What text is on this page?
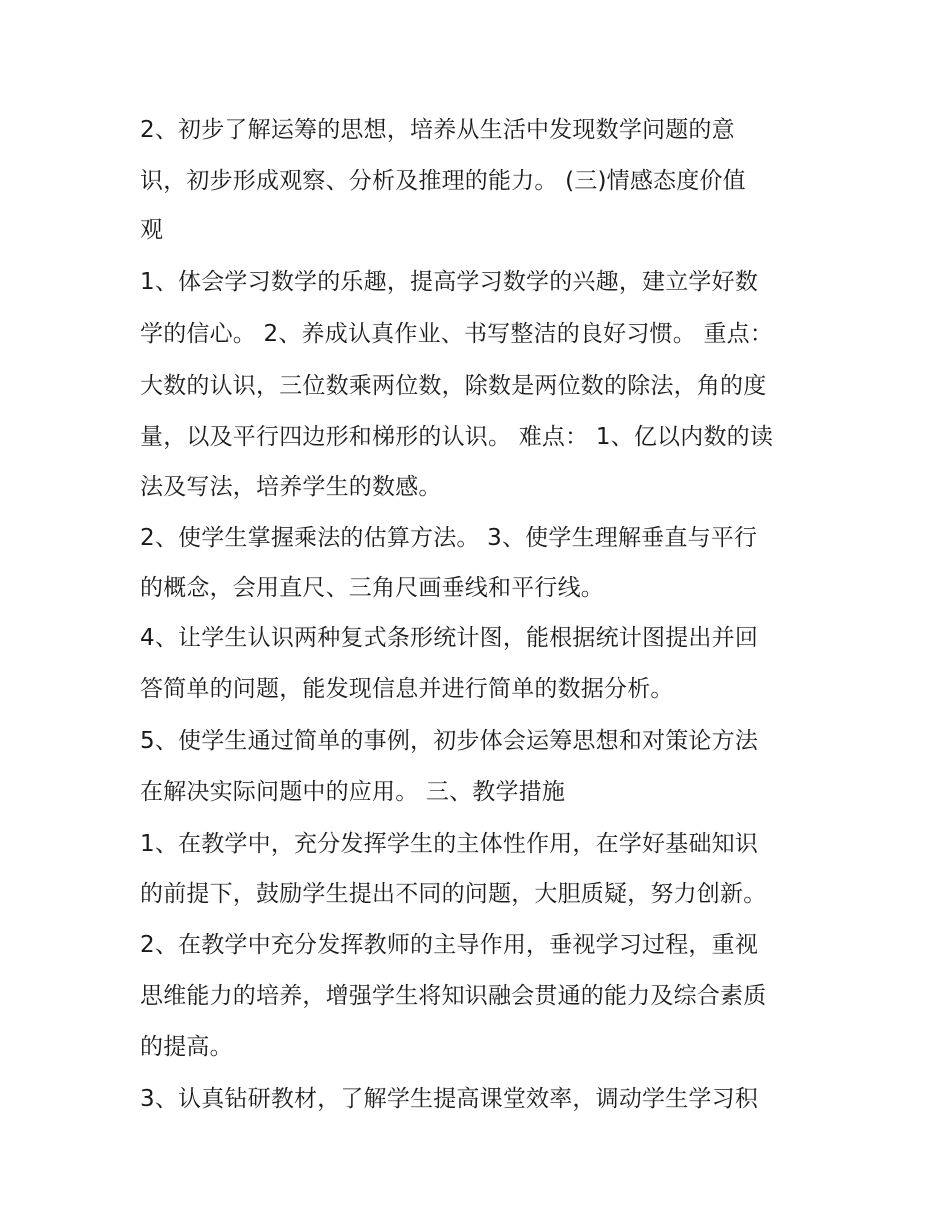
2、初步了解运筹的思想，培养从生活中发现数学问题的意
识，初步形成观察、分析及推理的能力。 (三)情感态度价值
观
1、体会学习数学的乐趣，提高学习数学的兴趣，建立学好数
学的信心。 2、养成认真作业、书写整洁的良好习惯。 重点：
大数的认识，三位数乘两位数，除数是两位数的除法，角的度
量，以及平行四边形和梯形的认识。 难点： 1、亿以内数的读
法及写法，培养学生的数感。
2、使学生掌握乘法的估算方法。 3、使学生理解垂直与平行
的概念，会用直尺、三角尺画垂线和平行线。
4、让学生认识两种复式条形统计图，能根据统计图提出并回
答简单的问题，能发现信息并进行简单的数据分析。
5、使学生通过简单的事例，初步体会运筹思想和对策论方法
在解决实际问题中的应用。 三、教学措施
1、在教学中，充分发挥学生的主体性作用，在学好基础知识
的前提下，鼓励学生提出不同的问题，大胆质疑，努力创新。
2、在教学中充分发挥教师的主导作用，垂视学习过程，重视
思维能力的培养，增强学生将知识融会贯通的能力及综合素质
的提高。
3、认真钻研教材，了解学生提高课堂效率，调动学生学习积
